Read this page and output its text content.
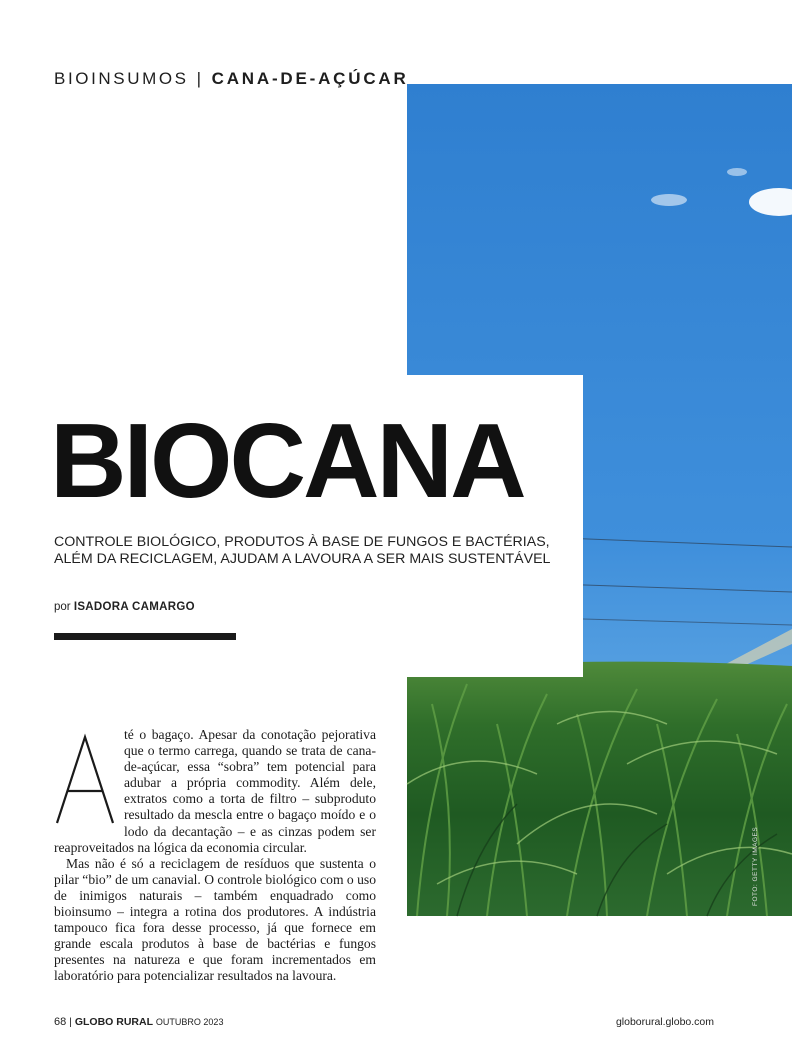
BIOINSUMOS | CANA-DE-AÇÚCAR
BIOCANA
CONTROLE BIOLÓGICO, PRODUTOS À BASE DE FUNGOS E BACTÉRIAS, ALÉM DA RECICLAGEM, AJUDAM A LAVOURA A SER MAIS SUSTENTÁVEL
por ISADORA CAMARGO

A
té o bagaço. Apesar da conotação pejorativa que o termo carrega, quando se trata de cana-de-açúcar, essa “sobra” tem potencial para adubar a própria commodity. Além dele, extratos como a torta de filtro – subproduto resultado da mescla entre o bagaço moído e o lodo da decantação – e as cinzas podem ser reaproveitados na lógica da economia circular.

Mas não é só a reciclagem de resíduos que sustenta o pilar “bio” de um canavial. O controle biológico com o uso de inimigos naturais – também enquadrado como bioinsumo – integra a rotina dos produtores. A indústria tampouco fica fora desse processo, já que fornece em grande escala produtos à base de bactérias e fungos presentes na natureza e que foram incrementados em laboratório para potencializar resultados na lavoura.

FOTO: GETTY IMAGES
68 | GLOBO RURAL OUTUBRO 2023	globorural.globo.com
